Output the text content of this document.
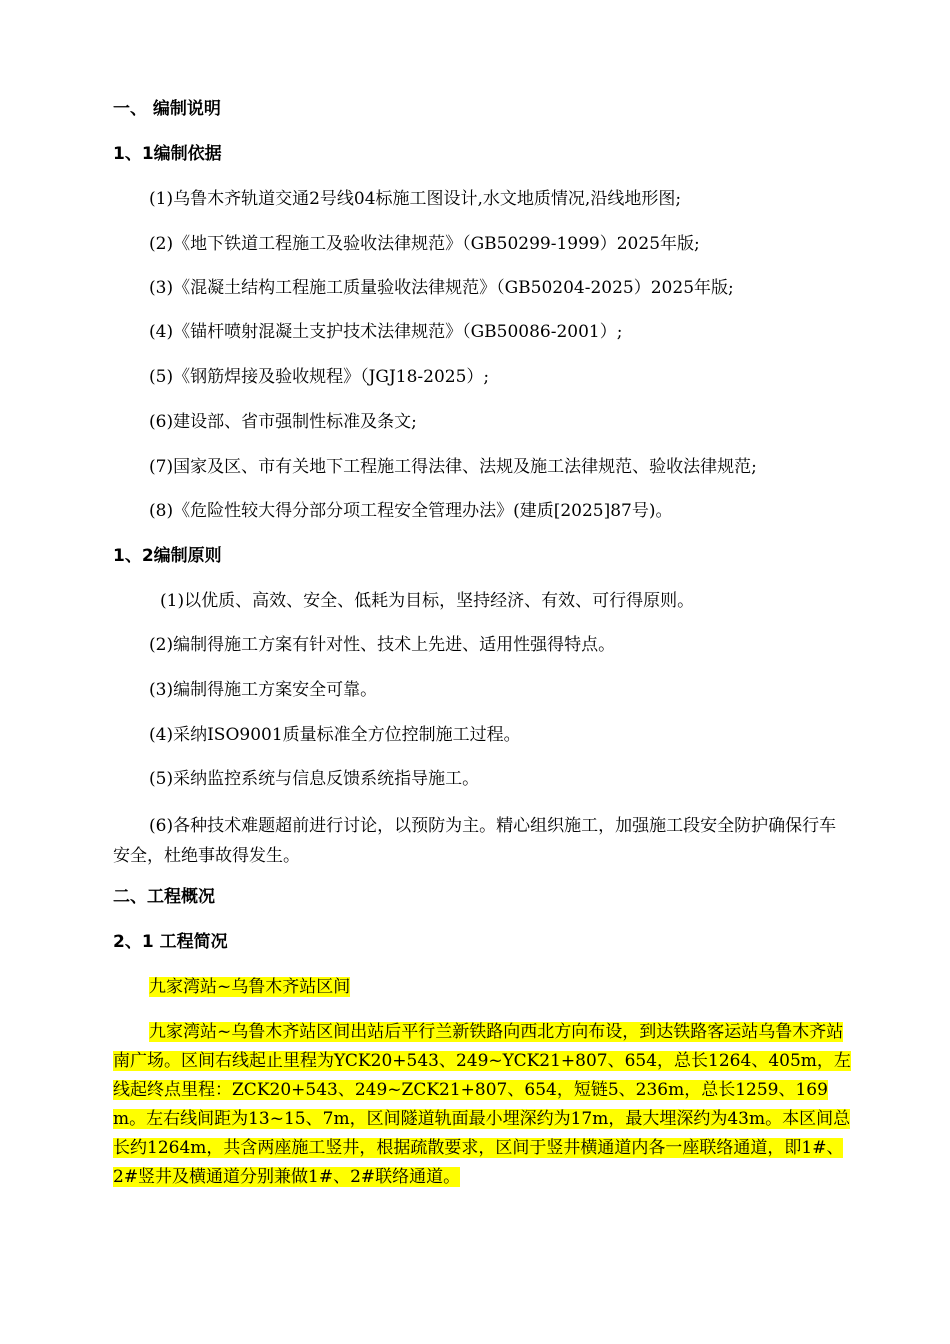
一、 编制说明
1、1编制依据
(1)乌鲁木齐轨道交通2号线04标施工图设计,水文地质情况,沿线地形图;
(2)《地下铁道工程施工及验收法律规范》（GB50299-1999）2025年版;
(3)《混凝土结构工程施工质量验收法律规范》（GB50204-2025）2025年版;
(4)《锚杆喷射混凝土支护技术法律规范》（GB50086-2001）;
(5)《钢筋焊接及验收规程》（JGJ18-2025）;
(6)建设部、省市强制性标准及条文;
(7)国家及区、市有关地下工程施工得法律、法规及施工法律规范、验收法律规范;
(8)《危险性较大得分部分项工程安全管理办法》(建质[2025]87号)。
1、2编制原则
(1)以优质、高效、安全、低耗为目标，坚持经济、有效、可行得原则。
(2)编制得施工方案有针对性、技术上先进、适用性强得特点。
(3)编制得施工方案安全可靠。
(4)采纳ISO9001质量标准全方位控制施工过程。
(5)采纳监控系统与信息反馈系统指导施工。
(6)各种技术难题超前进行讨论，以预防为主。精心组织施工，加强施工段安全防护确保行车安全，杜绝事故得发生。
二、工程概况
2、1 工程简况
九家湾站~乌鲁木齐站区间
九家湾站~乌鲁木齐站区间出站后平行兰新铁路向西北方向布设，到达铁路客运站乌鲁木齐站南广场。区间右线起止里程为YCK20+543、249~YCK21+807、654，总长1264、405m，左线起终点里程：ZCK20+543、249~ZCK21+807、654，短链5、236m，总长1259、169m。左右线间距为13~15、7m，区间隧道轨面最小埋深约为17m，最大埋深约为43m。本区间总长约1264m，共含两座施工竖井，根据疏散要求，区间于竖井横通道内各一座联络通道，即1#、2#竖井及横通道分别兼做1#、2#联络通道。
